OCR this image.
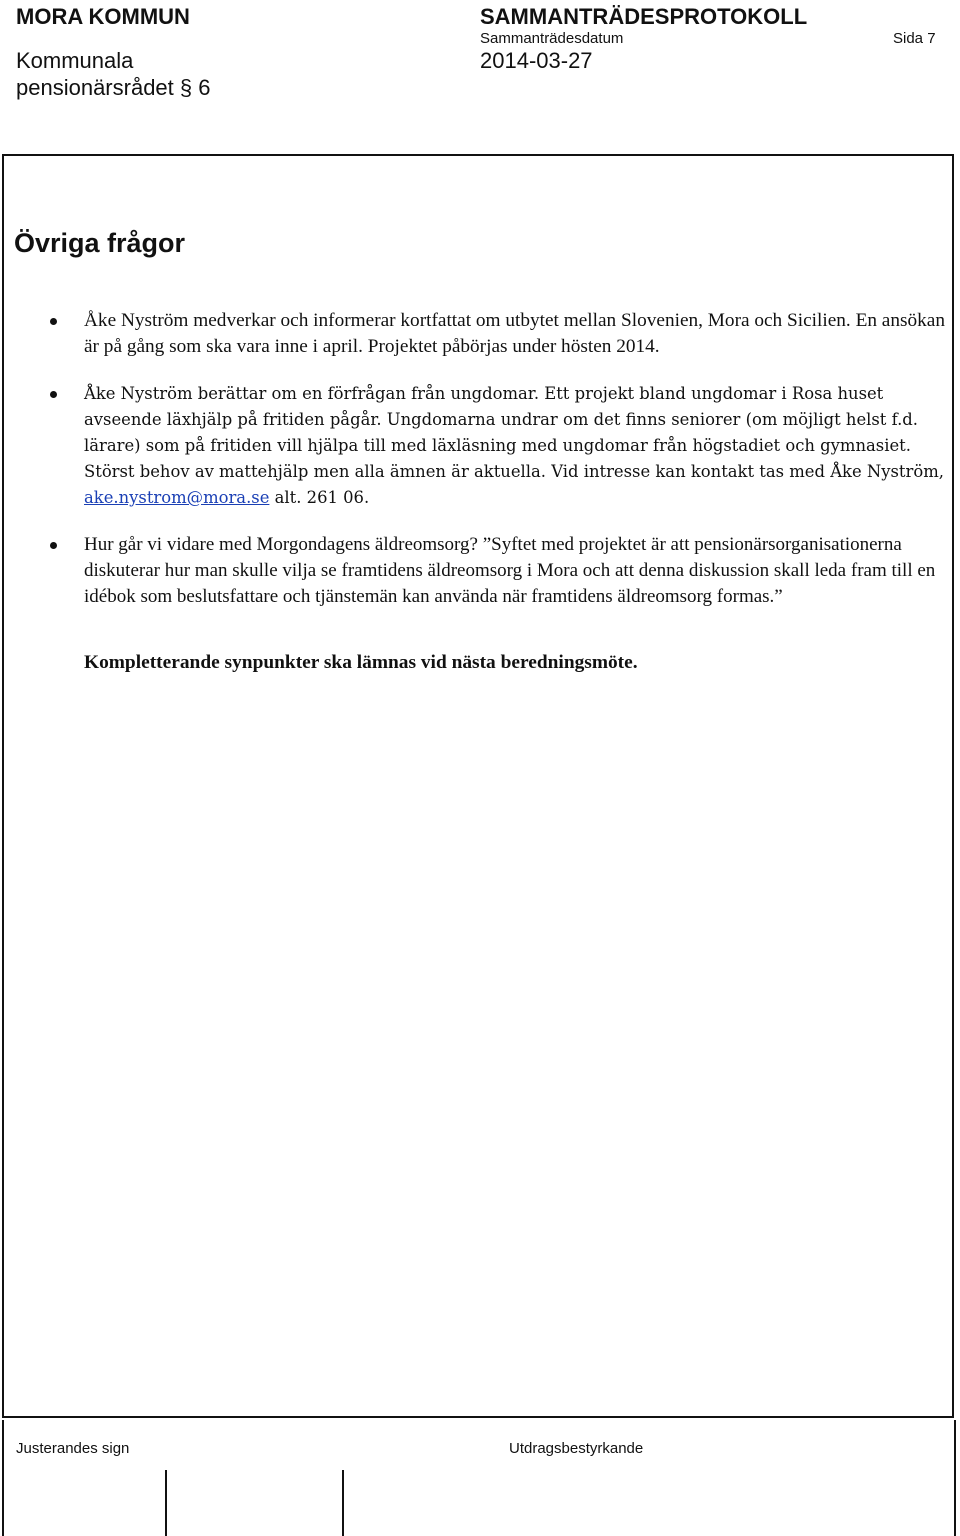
MORA KOMMUN	SAMMANTRÄDESPROTOKOLL
Sammanträdesdatum	Sida 7
Kommunala
pensionärsrådet § 6
2014-03-27
Övriga frågor
Åke Nyström medverkar och informerar kortfattat om utbytet mellan Slovenien, Mora och Sicilien. En ansökan är på gång som ska vara inne i april. Projektet påbörjas under hösten 2014.
Åke Nyström berättar om en förfrågan från ungdomar. Ett projekt bland ungdomar i Rosa huset avseende läxhjälp på fritiden pågår. Ungdomarna undrar om det finns seniorer (om möjligt helst f.d. lärare) som på fritiden vill hjälpa till med läxläsning med ungdomar från högstadiet och gymnasiet. Störst behov av mattehjälp men alla ämnen är aktuella. Vid intresse kan kontakt tas med Åke Nyström, ake.nystrom@mora.se alt. 261 06.
Hur går vi vidare med Morgondagens äldreomsorg? ”Syftet med projektet är att pensionärsorganisationerna diskuterar hur man skulle vilja se framtidens äldreomsorg i Mora och att denna diskussion skall leda fram till en idébok som beslutsfattare och tjänstemän kan använda när framtidens äldreomsorg formas.”

Kompletterande synpunkter ska lämnas vid nästa beredningsmöte.

Justerandes sign	Utdragsbestyrkande
